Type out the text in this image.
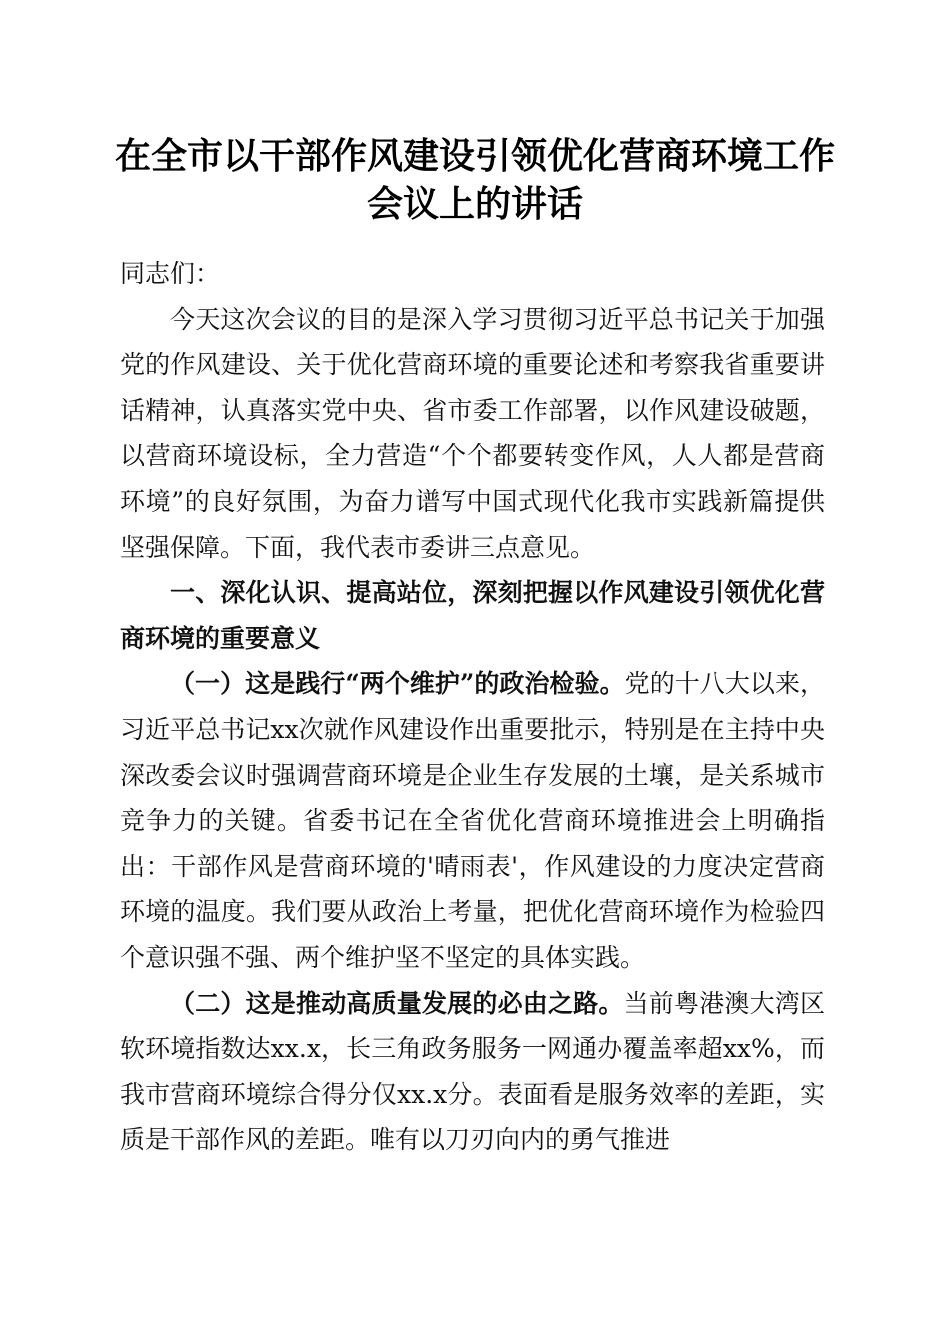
在全市以干部作风建设引领优化营商环境工作
会议上的讲话

同志们：

今天这次会议的目的是深入学习贯彻习近平总书记关于加强党的作风建设、关于优化营商环境的重要论述和考察我省重要讲话精神，认真落实党中央、省市委工作部署，以作风建设破题，以营商环境设标，全力营造“个个都要转变作风，人人都是营商环境”的良好氛围，为奋力谱写中国式现代化我市实践新篇提供坚强保障。下面，我代表市委讲三点意见。

一、深化认识、提高站位，深刻把握以作风建设引领优化营商环境的重要意义

（一）这是践行“两个维护”的政治检验。党的十八大以来，习近平总书记xx次就作风建设作出重要批示，特别是在主持中央深改委会议时强调营商环境是企业生存发展的土壤，是关系城市竞争力的关键。省委书记在全省优化营商环境推进会上明确指出：干部作风是营商环境的'晴雨表'，作风建设的力度决定营商环境的温度。我们要从政治上考量，把优化营商环境作为检验四个意识强不强、两个维护坚不坚定的具体实践。

（二）这是推动高质量发展的必由之路。当前粤港澳大湾区软环境指数达xx.x，长三角政务服务一网通办覆盖率超xx%，而我市营商环境综合得分仅xx.x分。表面看是服务效率的差距，实质是干部作风的差距。唯有以刀刃向内的勇气推进
